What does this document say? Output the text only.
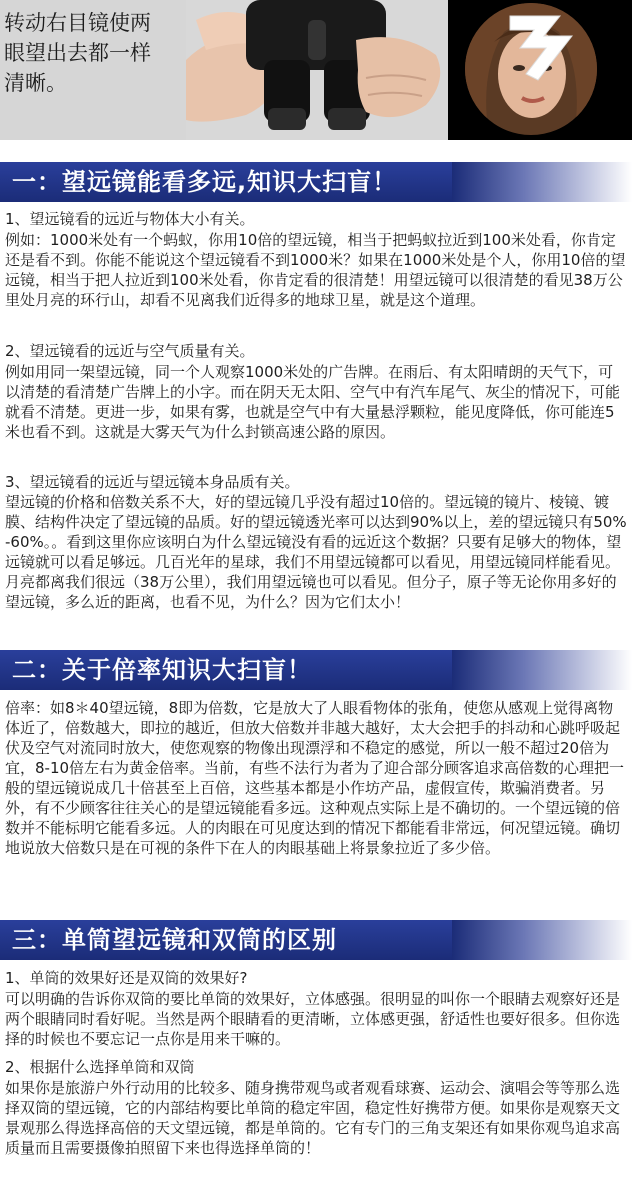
转动右目镜使两
眼望出去都一样
清晰。
一：望远镜能看多远,知识大扫盲！

1、望远镜看的远近与物体大小有关。

例如：1000米处有一个蚂蚁，你用10倍的望远镜，相当于把蚂蚁拉近到100米处看，你肯定还是看不到。你能不能说这个望远镜看不到1000米？如果在1000米处是个人，你用10倍的望远镜，相当于把人拉近到100米处看，你肯定看的很清楚！用望远镜可以很清楚的看见38万公里处月亮的环行山，却看不见离我们近得多的地球卫星，就是这个道理。

2、望远镜看的远近与空气质量有关。

例如用同一架望远镜，同一个人观察1000米处的广告牌。在雨后、有太阳晴朗的天气下，可以清楚的看清楚广告牌上的小字。而在阴天无太阳、空气中有汽车尾气、灰尘的情况下，可能就看不清楚。更进一步，如果有雾，也就是空气中有大量悬浮颗粒，能见度降低，你可能连5米也看不到。这就是大雾天气为什么封锁高速公路的原因。

3、望远镜看的远近与望远镜本身品质有关。

望远镜的价格和倍数关系不大，好的望远镜几乎没有超过10倍的。望远镜的镜片、棱镜、镀膜、结构件决定了望远镜的品质。好的望远镜透光率可以达到90%以上，差的望远镜只有50%-60%。。看到这里你应该明白为什么望远镜没有看的远近这个数据？只要有足够大的物体，望远镜就可以看足够远。几百光年的星球，我们不用望远镜都可以看见，用望远镜同样能看见。月亮都离我们很远（38万公里），我们用望远镜也可以看见。但分子，原子等无论你用多好的望远镜，多么近的距离，也看不见，为什么？因为它们太小！

二：关于倍率知识大扫盲！

倍率：如8＊40望远镜，8即为倍数，它是放大了人眼看物体的张角，使您从感观上觉得离物体近了，倍数越大，即拉的越近，但放大倍数并非越大越好，太大会把手的抖动和心跳呼吸起伏及空气对流同时放大，使您观察的物像出现漂浮和不稳定的感觉，所以一般不超过20倍为宜，8-10倍左右为黄金倍率。当前，有些不法行为者为了迎合部分顾客追求高倍数的心理把一般的望远镜说成几十倍甚至上百倍，这些基本都是小作坊产品，虚假宣传，欺骗消费者。另外，有不少顾客往往关心的是望远镜能看多远。这种观点实际上是不确切的。一个望远镜的倍数并不能标明它能看多远。人的肉眼在可见度达到的情况下都能看非常远，何况望远镜。确切地说放大倍数只是在可视的条件下在人的肉眼基础上将景象拉近了多少倍。

三：单筒望远镜和双筒的区别

1、单筒的效果好还是双筒的效果好?

可以明确的告诉你双筒的要比单筒的效果好，立体感强。很明显的叫你一个眼睛去观察好还是两个眼睛同时看好呢。当然是两个眼睛看的更清晰，立体感更强，舒适性也要好很多。但你选择的时候也不要忘记一点你是用来干嘛的。

2、根据什么选择单筒和双筒

如果你是旅游户外行动用的比较多、随身携带观鸟或者观看球赛、运动会、演唱会等等那么选择双筒的望远镜，它的内部结构要比单筒的稳定牢固，稳定性好携带方便。如果你是观察天文景观那么得选择高倍的天文望远镜，都是单筒的。它有专门的三角支架还有如果你观鸟追求高质量而且需要摄像拍照留下来也得选择单筒的！
